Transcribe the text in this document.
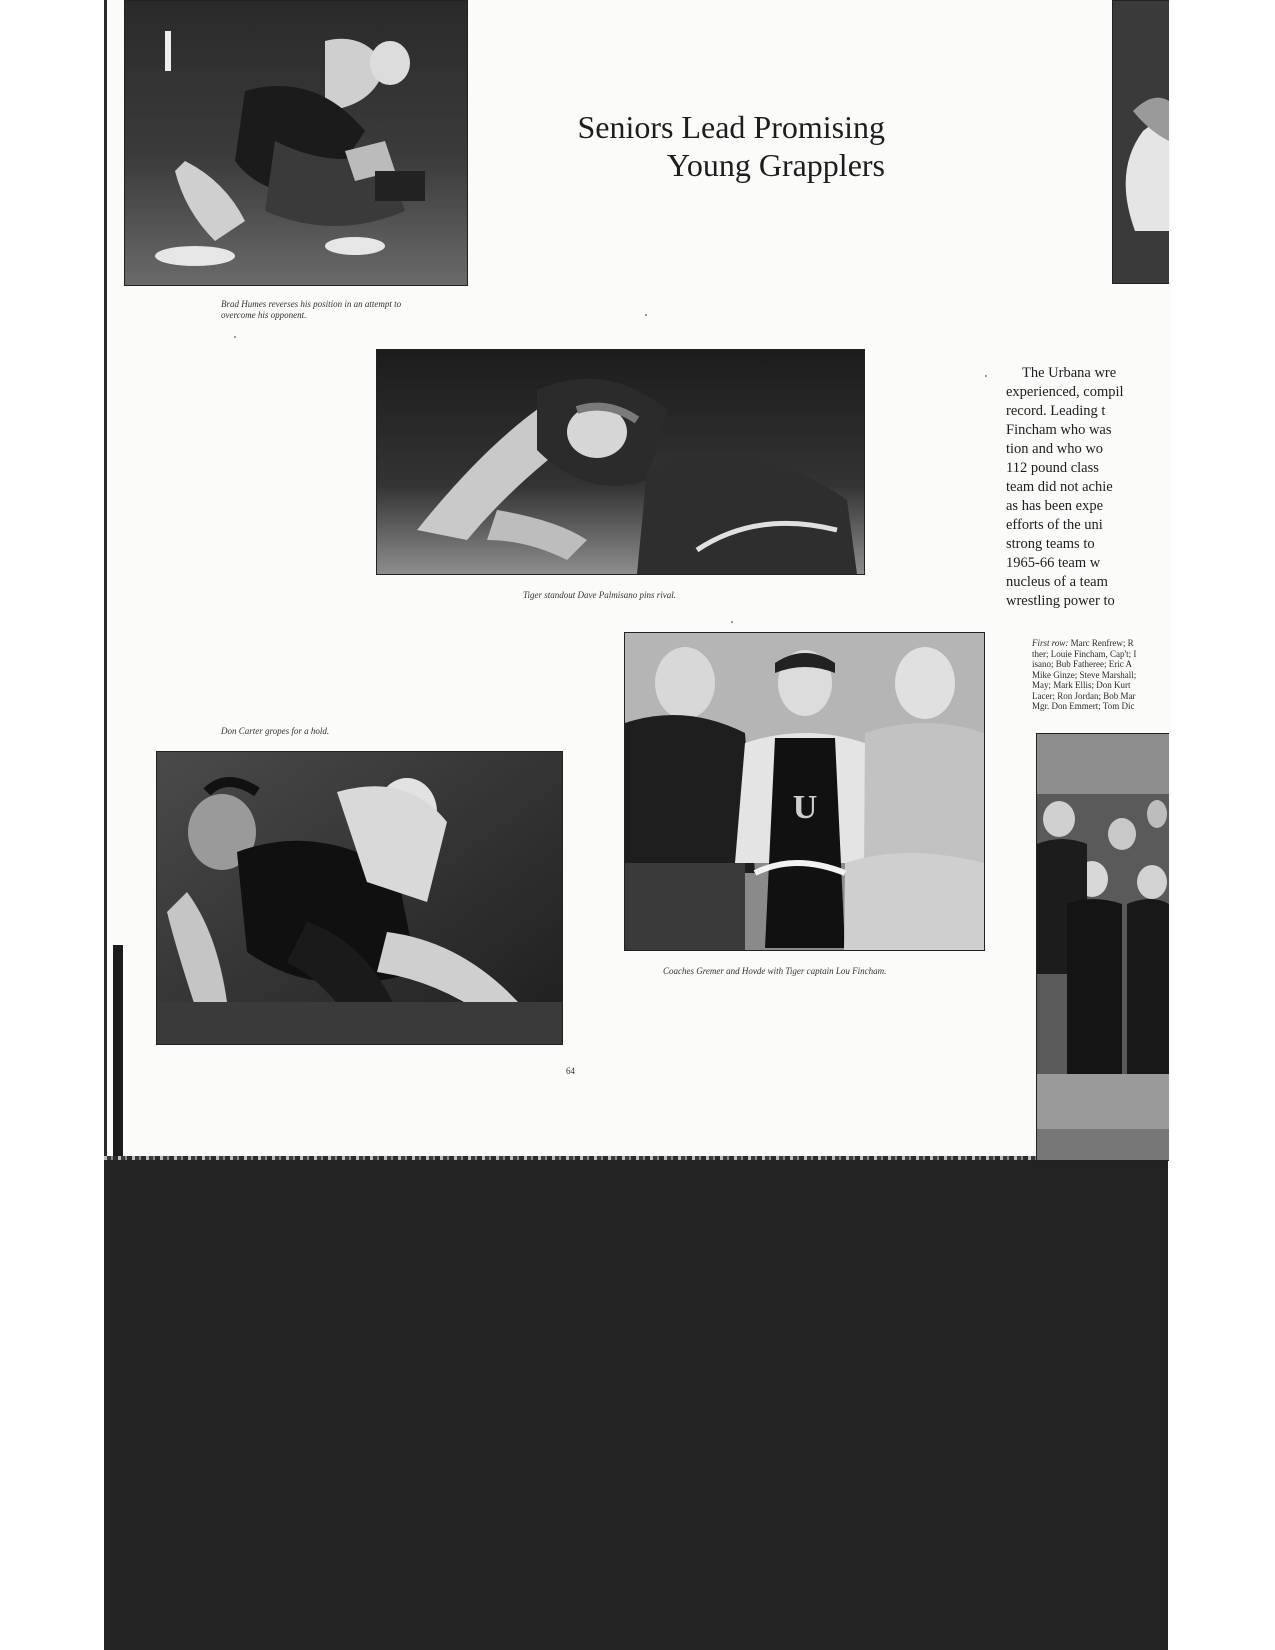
Seniors Lead Promising
Young Grapplers
Brad Humes reverses his position in an attempt to
overcome his opponent.
Tiger standout Dave Palmisano pins rival.
The Urbana wre
experienced, compil
record. Leading t
Fincham who was
tion and who wo
112 pound class
team did not achie
as has been expe
efforts of the uni
strong teams to
1965-66 team w
nucleus of a team
wrestling power to
U
First row: Marc Renfrew; R
ther; Louie Fincham, Cap't; I
isano; Bub Fatheree; Eric A
Mike Ginze; Steve Marshall;
May; Mark Ellis; Don Kurt
Lacer; Ron Jordan; Bob Mar
Mgr. Don Emmert; Tom Dic
Don Carter gropes for a hold.
Coaches Gremer and Hovde with Tiger captain Lou Fincham.
64
